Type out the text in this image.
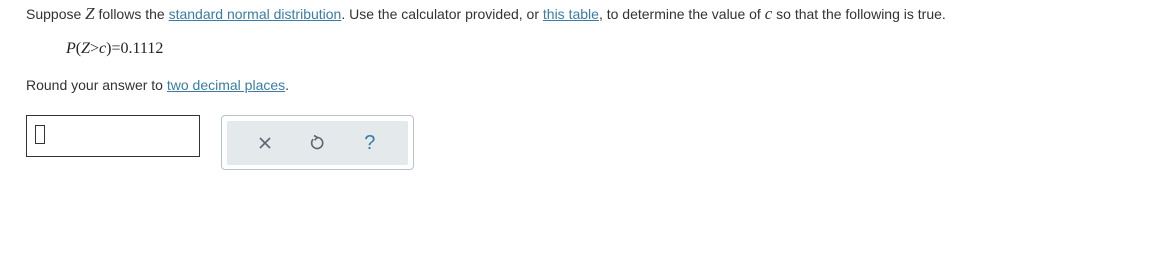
Suppose Z follows the standard normal distribution. Use the calculator provided, or this table, to determine the value of c so that the following is true.
P(Z>c)=0.1112
Round your answer to two decimal places.
?
